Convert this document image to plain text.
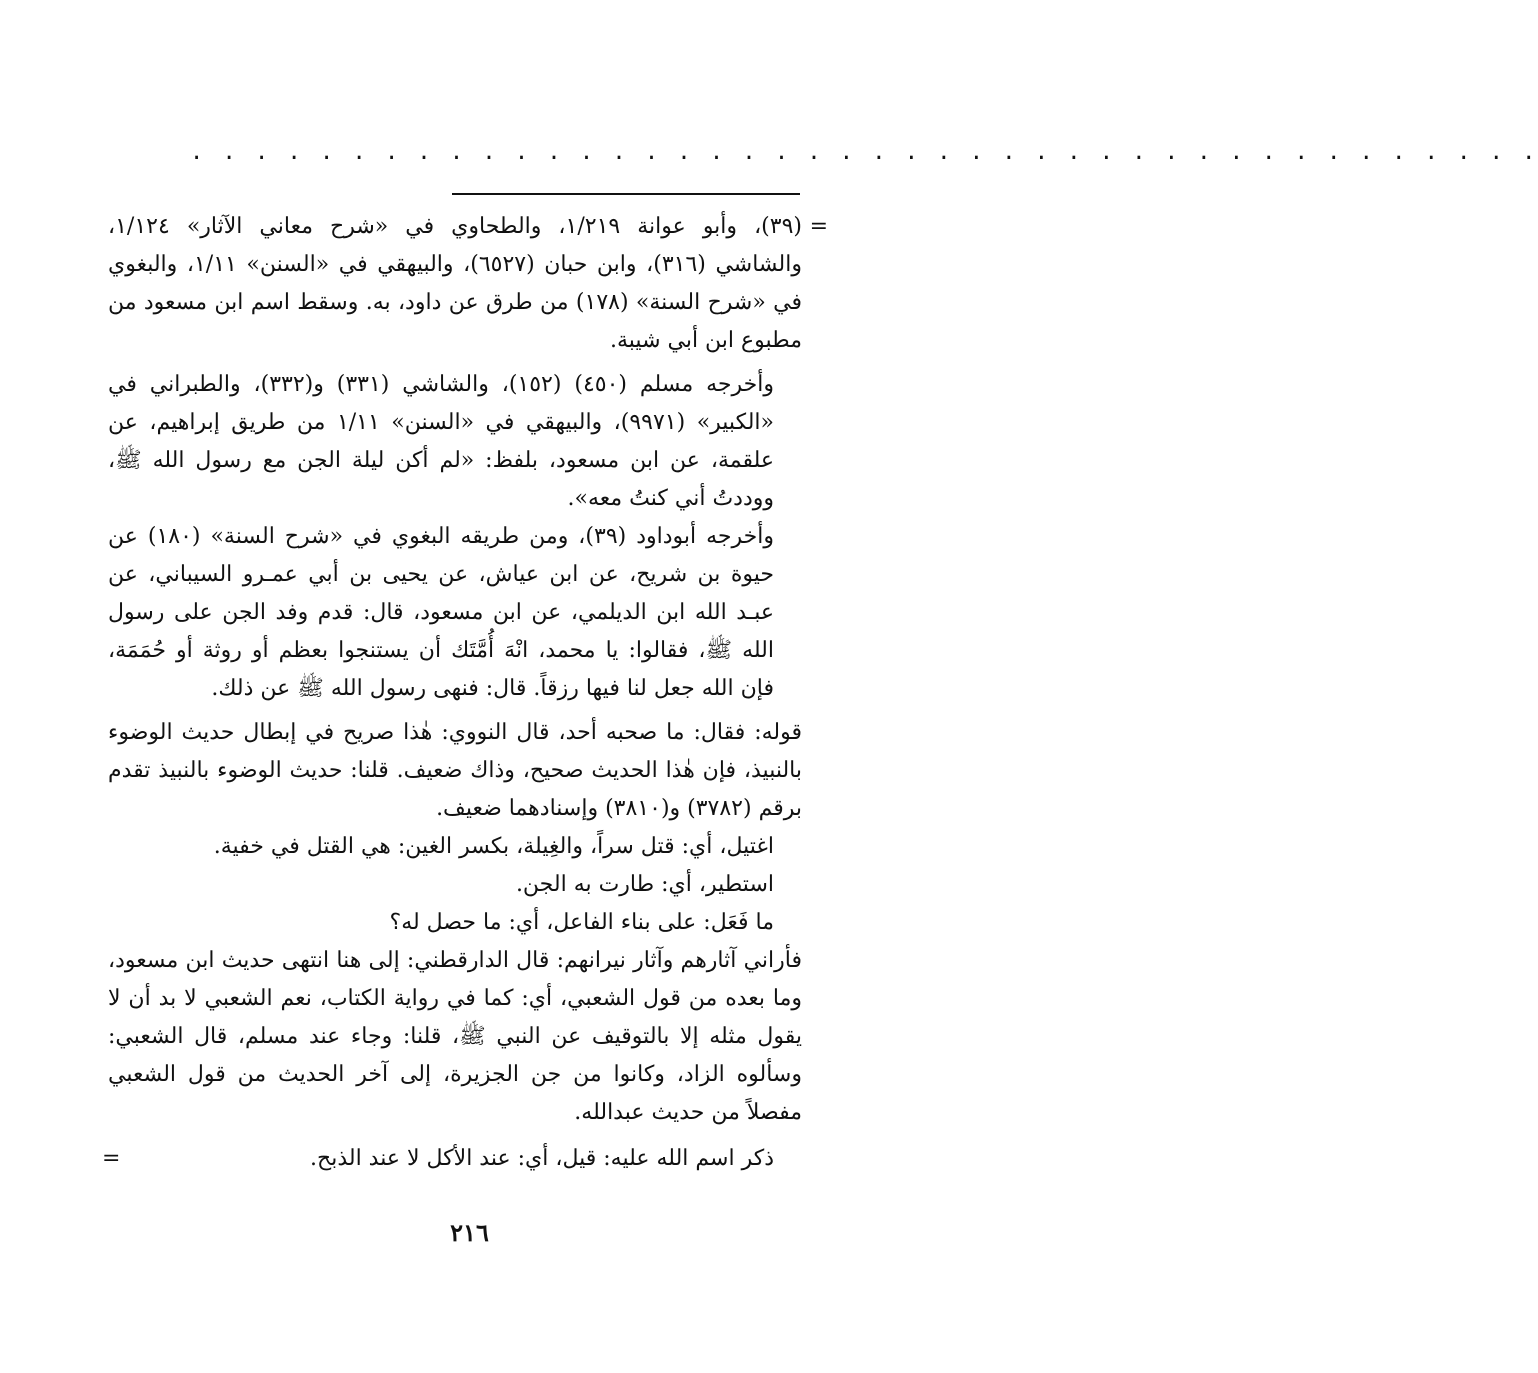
. . . . . . . . . . . . . . . . . . . . . . . . . . . . . . . . . . . . . . . . . .

=
(٣٩)، وأبو عوانة ١/٢١٩، والطحاوي في «شرح معاني الآثار» ١/١٢٤، والشاشي (٣١٦)، وابن حبان (٦٥٢٧)، والبيهقي في «السنن» ١/١١، والبغوي في «شرح السنة» (١٧٨) من طرق عن داود، به. وسقط اسم ابن مسعود من مطبوع ابن أبي شيبة.

وأخرجه مسلم (٤٥٠) (١٥٢)، والشاشي (٣٣١) و(٣٣٢)، والطبراني في «الكبير» (٩٩٧١)، والبيهقي في «السنن» ١/١١ من طريق إبراهيم، عن علقمة، عن ابن مسعود، بلفظ: «لم أكن ليلة الجن مع رسول الله ﷺ، ووددتُ أني كنتُ معه».

وأخرجه أبوداود (٣٩)، ومن طريقه البغوي في «شرح السنة» (١٨٠) عن حيوة بن شريح، عن ابن عياش، عن يحيى بن أبي عمـرو السيباني، عن عبـد الله ابن الديلمي، عن ابن مسعود، قال: قدم وفد الجن على رسول الله ﷺ، فقالوا: يا محمد، انْهَ أُمَّتَك أن يستنجوا بعظم أو روثة أو حُمَمَة، فإن الله جعل لنا فيها رزقاً. قال: فنهى رسول الله ﷺ عن ذلك.

قوله: فقال: ما صحبه أحد، قال النووي: هٰذا صريح في إبطال حديث الوضوء بالنبيذ، فإن هٰذا الحديث صحيح، وذاك ضعيف. قلنا: حديث الوضوء بالنبيذ تقدم برقم (٣٧٨٢) و(٣٨١٠) وإسنادهما ضعيف.

اغتيل، أي: قتل سراً، والغِيلة، بكسر الغين: هي القتل في خفية.

استطير، أي: طارت به الجن.

ما فَعَل: على بناء الفاعل، أي: ما حصل له؟

فأراني آثارهم وآثار نيرانهم: قال الدارقطني: إلى هنا انتهى حديث ابن مسعود، وما بعده من قول الشعبي، أي: كما في رواية الكتاب، نعم الشعبي لا بد أن لا يقول مثله إلا بالتوقيف عن النبي ﷺ، قلنا: وجاء عند مسلم، قال الشعبي: وسألوه الزاد، وكانوا من جن الجزيرة، إلى آخر الحديث من قول الشعبي مفصلاً من حديث عبدالله.

ذكر اسم الله عليه: قيل، أي: عند الأكل لا عند الذبح.
=

٢١٦
